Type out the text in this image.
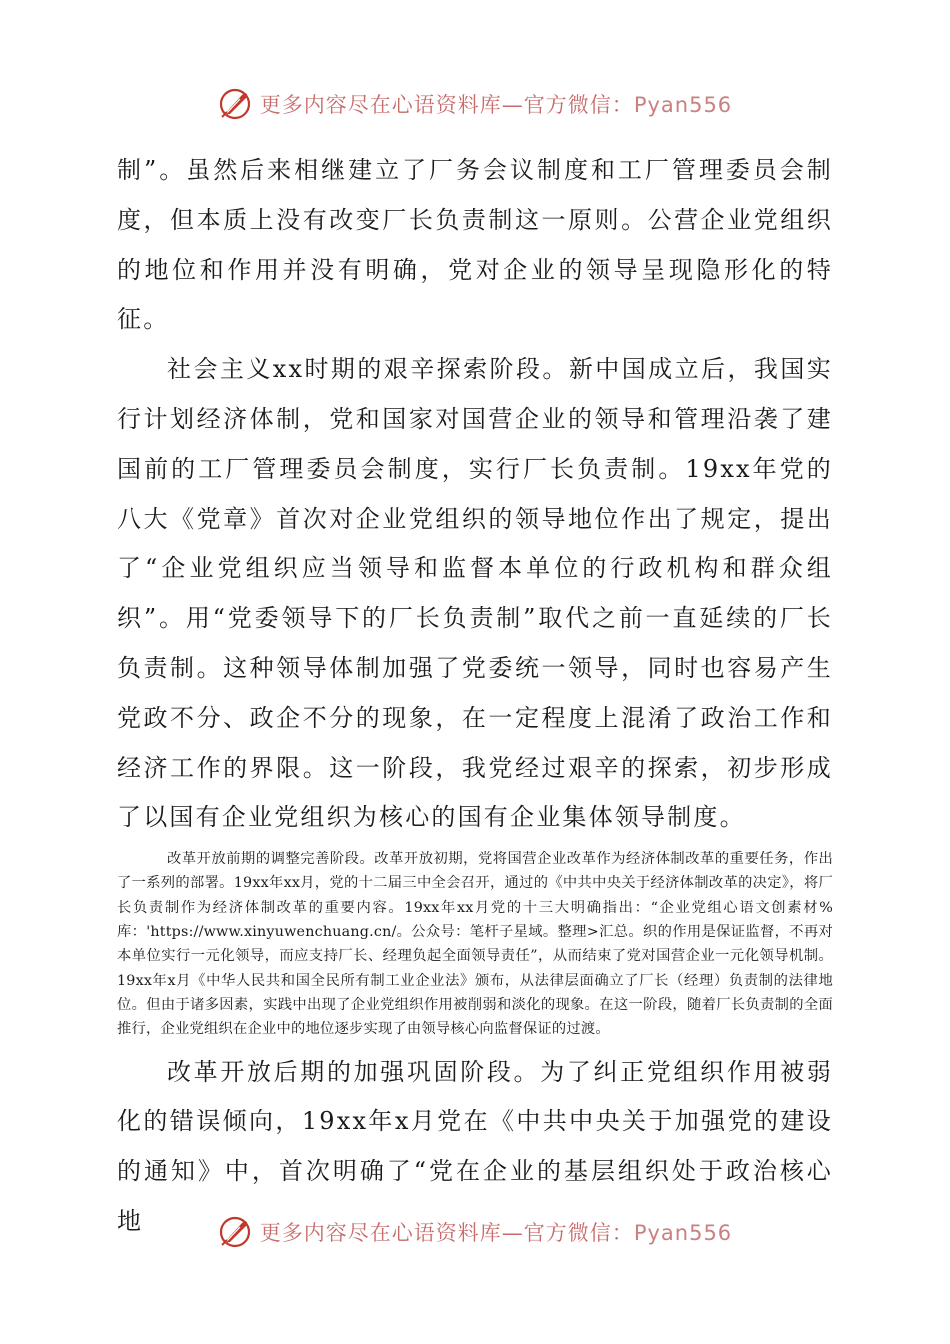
更多内容尽在心语资料库—官方微信：Pyan556

制”。虽然后来相继建立了厂务会议制度和工厂管理委员会制度，但本质上没有改变厂长负责制这一原则。公营企业党组织的地位和作用并没有明确，党对企业的领导呈现隐形化的特征。

社会主义xx时期的艰辛探索阶段。新中国成立后，我国实行计划经济体制，党和国家对国营企业的领导和管理沿袭了建国前的工厂管理委员会制度，实行厂长负责制。19xx年党的八大《党章》首次对企业党组织的领导地位作出了规定，提出了“企业党组织应当领导和监督本单位的行政机构和群众组织”。用“党委领导下的厂长负责制”取代之前一直延续的厂长负责制。这种领导体制加强了党委统一领导，同时也容易产生党政不分、政企不分的现象，在一定程度上混淆了政治工作和经济工作的界限。这一阶段，我党经过艰辛的探索，初步形成了以国有企业党组织为核心的国有企业集体领导制度。

改革开放前期的调整完善阶段。改革开放初期，党将国营企业改革作为经济体制改革的重要任务，作出了一系列的部署。19xx年xx月，党的十二届三中全会召开，通过的《中共中央关于经济体制改革的决定》，将厂长负责制作为经济体制改革的重要内容。19xx年xx月党的十三大明确指出：“企业党组心语文创素材%库：'https://www.xinyuwenchuang.cn/。公众号：笔杆子星域。整理>汇总。织的作用是保证监督，不再对本单位实行一元化领导，而应支持厂长、经理负起全面领导责任”，从而结束了党对国营企业一元化领导机制。19xx年x月《中华人民共和国全民所有制工业企业法》颁布，从法律层面确立了厂长（经理）负责制的法律地位。但由于诸多因素，实践中出现了企业党组织作用被削弱和淡化的现象。在这一阶段，随着厂长负责制的全面推行，企业党组织在企业中的地位逐步实现了由领导核心向监督保证的过渡。

改革开放后期的加强巩固阶段。为了纠正党组织作用被弱化的错误倾向，19xx年x月党在《中共中央关于加强党的建设的通知》中，首次明确了“党在企业的基层组织处于政治核心地	更多内容尽在心语资料库—官方微信：Pyan556
